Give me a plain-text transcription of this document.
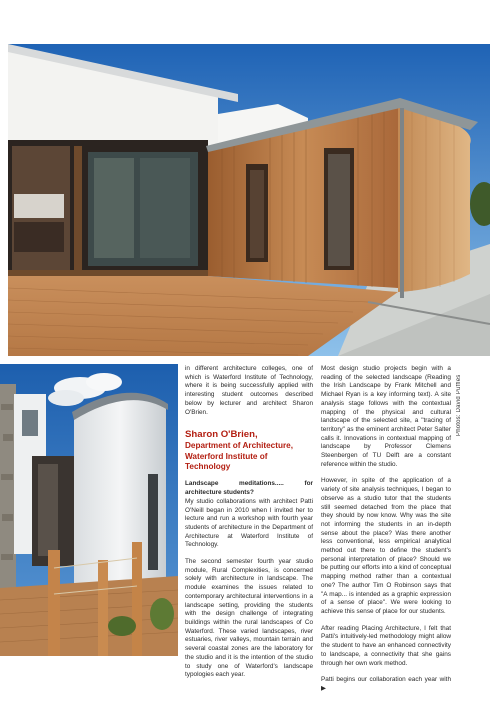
Photos: David Puffles

in different architecture colleges, one of which is Waterford Institute of Technology, where it is being successfully applied with interesting student outcomes described below by lecturer and architect Sharon O'Brien.

Sharon O'Brien,
Department of Architecture, Waterford Institute of Technology

Landscape meditations..... for architecture students?
My studio collaborations with architect Patti O'Neill began in 2010 when I invited her to lecture and run a workshop with fourth year students of architecture in the Department of Architecture at Waterford Institute of Technology.

The second semester fourth year studio module, Rural Complexities, is concerned solely with architecture in landscape. The module examines the issues related to contemporary architectural interventions in a landscape setting, providing the students with the design challenge of integrating buildings within the rural landscapes of Co Waterford. These varied landscapes, river estuaries, river valleys, mountain terrain and several coastal zones are the laboratory for the studio and it is the intention of the studio to study one of Waterford's landscape typologies each year.

Most design studio projects begin with a reading of the selected landscape (Reading the Irish Landscape by Frank Mitchell and Michael Ryan is a key informing text). A site analysis stage follows with the contextual mapping of the physical and cultural landscape of the selected site, a "tracing of territory" as the eminent architect Peter Salter calls it. Innovations in contextual mapping of landscape by Professor Clemens Steenbergen of TU Delft are a constant reference within the studio.

However, in spite of the application of a variety of site analysis techniques, I began to observe as a studio tutor that the students still seemed detached from the place that they should by now know. Why was the site not informing the students in an in-depth sense about the place? Was there another less conventional, less empirical analytical method out there to define the student's personal interpretation of place? Should we be putting our efforts into a kind of conceptual mapping method rather than a contextual one? The author Tim O Robinson says that "A map... is intended as a graphic expression of a sense of place". We were looking to achieve this sense of place for our students.

After reading Placing Architecture, I felt that Patti's intuitively-led methodology might allow the student to have an enhanced connectivity to landscape, a connectivity that she gains through her own work method.

Patti begins our collaboration each year with ▶
